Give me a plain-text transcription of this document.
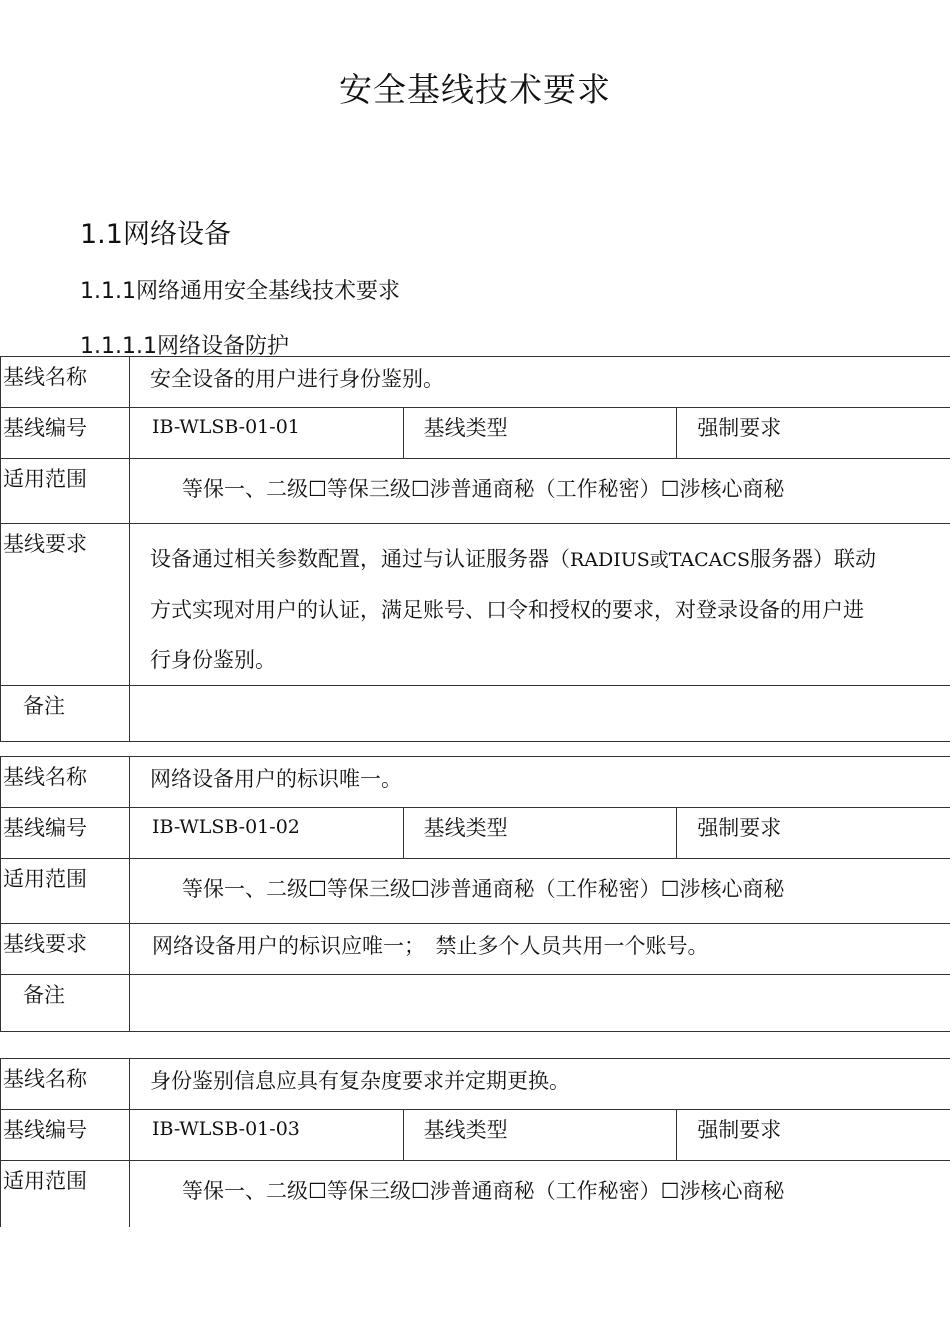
安全基线技术要求
1.1网络设备
1.1.1网络通用安全基线技术要求
1.1.1.1网络设备防护
基线名称	安全设备的用户进行身份鉴别。		
基线编号	IB-WLSB-01-01	基线类型	强制要求
适用范围	等保一、二级☐等保三级☐涉普通商秘（工作秘密）☐涉核心商秘		
基线要求	设备通过相关参数配置，通过与认证服务器（RADIUS或TACACS服务器）联动
方式实现对用户的认证，满足账号、口令和授权的要求，对登录设备的用户进
行身份鉴别。		

备注			
基线名称	网络设备用户的标识唯一。		
基线编号	IB-WLSB-01-02	基线类型	强制要求
适用范围	等保一、二级☐等保三级☐涉普通商秘（工作秘密）☐涉核心商秘		
基线要求	网络设备用户的标识应唯一；　禁止多个人员共用一个账号。		
备注			
基线名称	身份鉴别信息应具有复杂度要求并定期更换。		
基线编号	IB-WLSB-01-03	基线类型	强制要求
适用范围	等保一、二级☐等保三级☐涉普通商秘（工作秘密）☐涉核心商秘		
